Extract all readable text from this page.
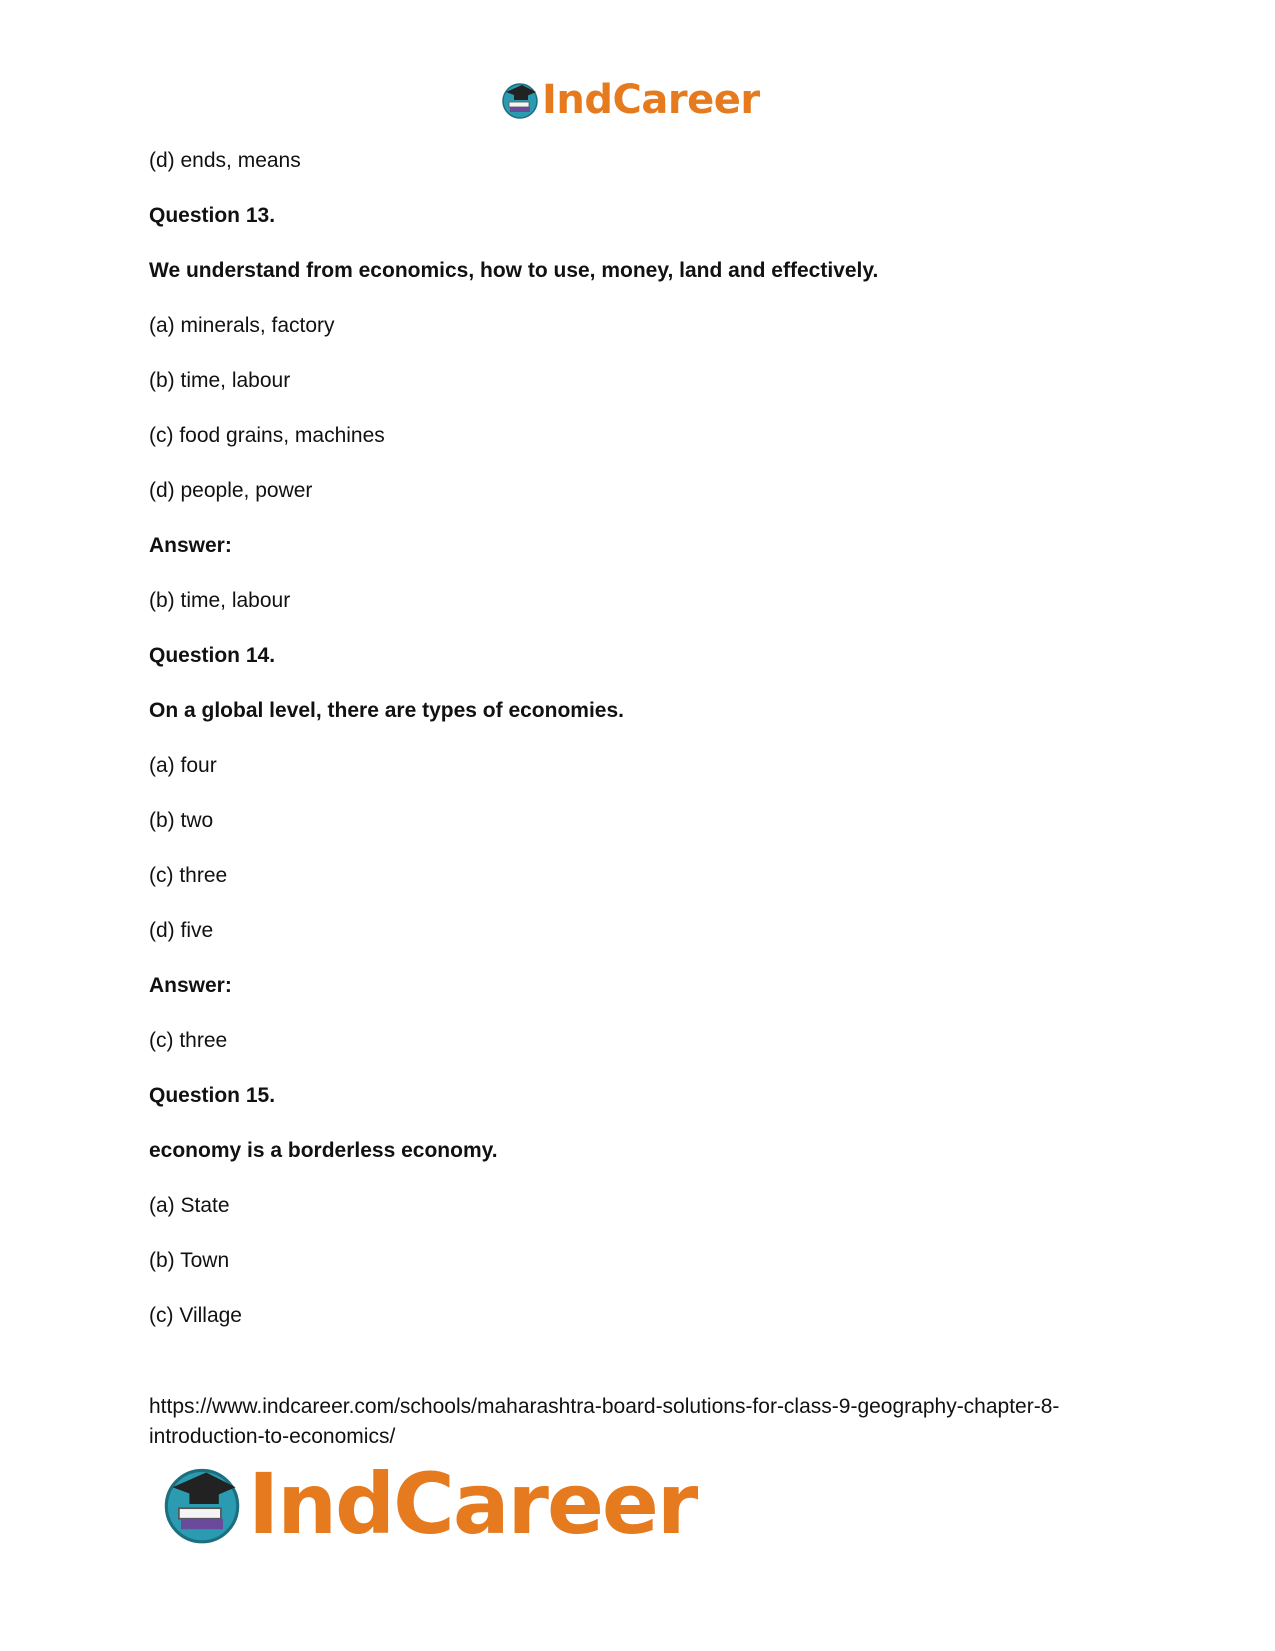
IndCareer
(d) ends, means
Question 13.
We understand from economics, how to use, money, land and effectively.
(a) minerals, factory
(b) time, labour
(c) food grains, machines
(d) people, power
Answer:
(b) time, labour
Question 14.
On a global level, there are types of economies.
(a) four
(b) two
(c) three
(d) five
Answer:
(c) three
Question 15.
economy is a borderless economy.
(a) State
(b) Town
(c) Village
https://www.indcareer.com/schools/maharashtra-board-solutions-for-class-9-geography-chapter-8-introduction-to-economics/
IndCareer
